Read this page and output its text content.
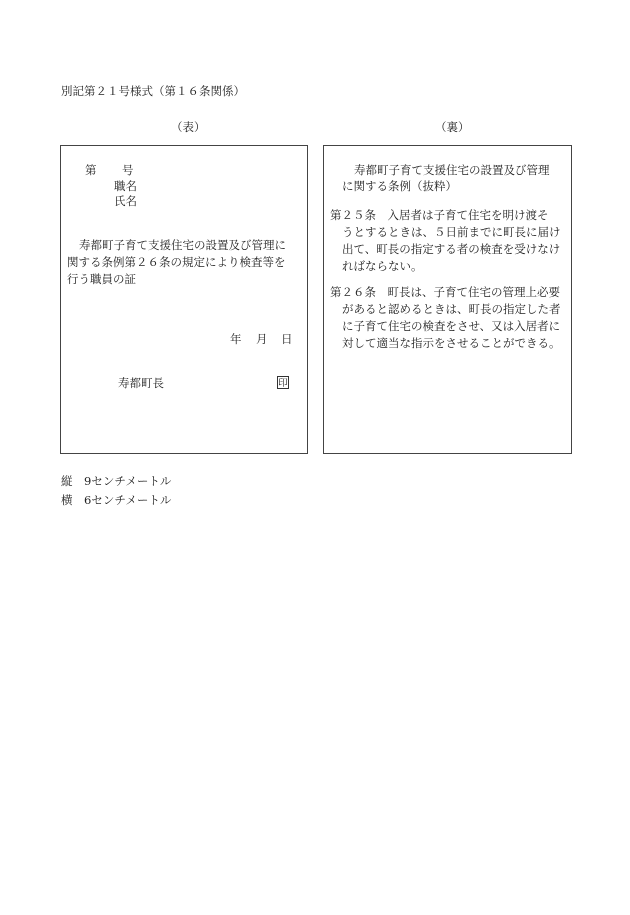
別記第２１号様式（第１６条関係）
（表）	（裏）
第 号
職名
氏名
寿都町子育て支援住宅の設置及び管理に
関する条例第２６条の規定により検査等を
行う職員の証
年 月 日
寿都町長	印
寿都町子育て支援住宅の設置及び管理
に関する条例（抜粋）
第２５条　入居者は子育て住宅を明け渡そ
うとするときは、５日前までに町長に届け
出て、町長の指定する者の検査を受けなけ
ればならない。
第２６条　町長は、子育て住宅の管理上必要
があると認めるときは、町長の指定した者
に子育て住宅の検査をさせ、又は入居者に
対して適当な指示をさせることができる。
縦　9センチメートル
横　6センチメートル
